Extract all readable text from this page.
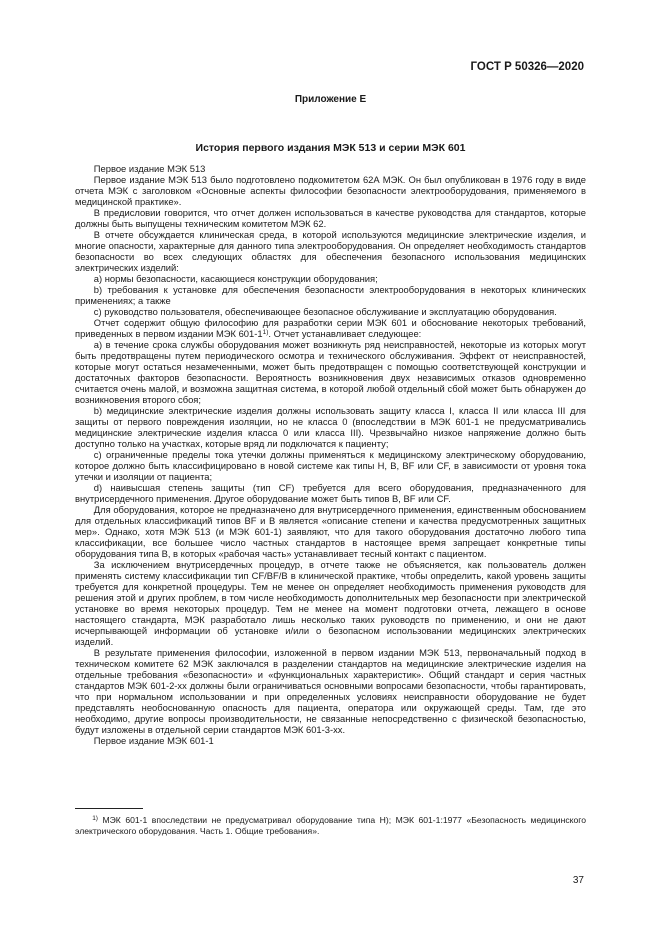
ГОСТ Р 50326—2020
Приложение Е
История первого издания МЭК 513 и серии МЭК 601

Первое издание МЭК 513

Первое издание МЭК 513 было подготовлено подкомитетом 62А МЭК. Он был опубликован в 1976 году в виде отчета МЭК с заголовком «Основные аспекты философии безопасности электрооборудования, применяемого в медицинской практике».

В предисловии говорится, что отчет должен использоваться в качестве руководства для стандартов, которые должны быть выпущены техническим комитетом МЭК 62.

В отчете обсуждается клиническая среда, в которой используются медицинские электрические изделия, и многие опасности, характерные для данного типа электрооборудования. Он определяет необходимость стандартов безопасности во всех следующих областях для обеспечения безопасного использования медицинских электрических изделий:

a) нормы безопасности, касающиеся конструкции оборудования;

b) требования к установке для обеспечения безопасности электрооборудования в некоторых клинических применениях; а также

c) руководство пользователя, обеспечивающее безопасное обслуживание и эксплуатацию оборудования.

Отчет содержит общую философию для разработки серии МЭК 601 и обоснование некоторых требований, приведенных в первом издании МЭК 601-1$^{1)}$. Отчет устанавливает следующее:

a) в течение срока службы оборудования может возникнуть ряд неисправностей, некоторые из которых могут быть предотвращены путем периодического осмотра и технического обслуживания. Эффект от неисправностей, которые могут остаться незамеченными, может быть предотвращен с помощью соответствующей конструкции и достаточных факторов безопасности. Вероятность возникновения двух независимых отказов одновременно считается очень малой, и возможна защитная система, в которой любой отдельный сбой может быть обнаружен до возникновения второго сбоя;

b) медицинские электрические изделия должны использовать защиту класса I, класса II или класса III для защиты от первого повреждения изоляции, но не класса 0 (впоследствии в МЭК 601-1 не предусматривались медицинские электрические изделия класса 0 или класса III). Чрезвычайно низкое напряжение должно быть доступно только на участках, которые вряд ли подключатся к пациенту;

c) ограниченные пределы тока утечки должны применяться к медицинскому электрическому оборудованию, которое должно быть классифицировано в новой системе как типы H, B, BF или CF, в зависимости от уровня тока утечки и изоляции от пациента;

d) наивысшая степень защиты (тип CF) требуется для всего оборудования, предназначенного для внутрисердечного применения. Другое оборудование может быть типов B, BF или CF.

Для оборудования, которое не предназначено для внутрисердечного применения, единственным обоснованием для отдельных классификаций типов BF и B является «описание степени и качества предусмотренных защитных мер». Однако, хотя МЭК 513 (и МЭК 601-1) заявляют, что для такого оборудования достаточно любого типа классификации, все большее число частных стандартов в настоящее время запрещает конкретные типы оборудования типа B, в которых «рабочая часть» устанавливает тесный контакт с пациентом.

За исключением внутрисердечных процедур, в отчете также не объясняется, как пользователь должен применять систему классификации тип CF/BF/B в клинической практике, чтобы определить, какой уровень защиты требуется для конкретной процедуры. Тем не менее он определяет необходимость применения руководств для решения этой и других проблем, в том числе необходимость дополнительных мер безопасности при электрической установке во время некоторых процедур. Тем не менее на момент подготовки отчета, лежащего в основе настоящего стандарта, МЭК разработало лишь несколько таких руководств по применению, и они не дают исчерпывающей информации об установке и/или о безопасном использовании медицинских электрических изделий.

В результате применения философии, изложенной в первом издании МЭК 513, первоначальный подход в техническом комитете 62 МЭК заключался в разделении стандартов на медицинские электрические изделия на отдельные требования «безопасности» и «функциональных характеристик». Общий стандарт и серия частных стандартов МЭК 601-2-хх должны были ограничиваться основными вопросами безопасности, чтобы гарантировать, что при нормальном использовании и при определенных условиях неисправности оборудование не будет представлять необоснованную опасность для пациента, оператора или окружающей среды. Там, где это необходимо, другие вопросы производительности, не связанные непосредственно с физической безопасностью, будут изложены в отдельной серии стандартов МЭК 601-3-хх.

Первое издание МЭК 601-1

$^{1)}$ МЭК 601-1 впоследствии не предусматривал оборудование типа H); МЭК 601-1:1977 «Безопасность медицинского электрического оборудования. Часть 1. Общие требования».

37
